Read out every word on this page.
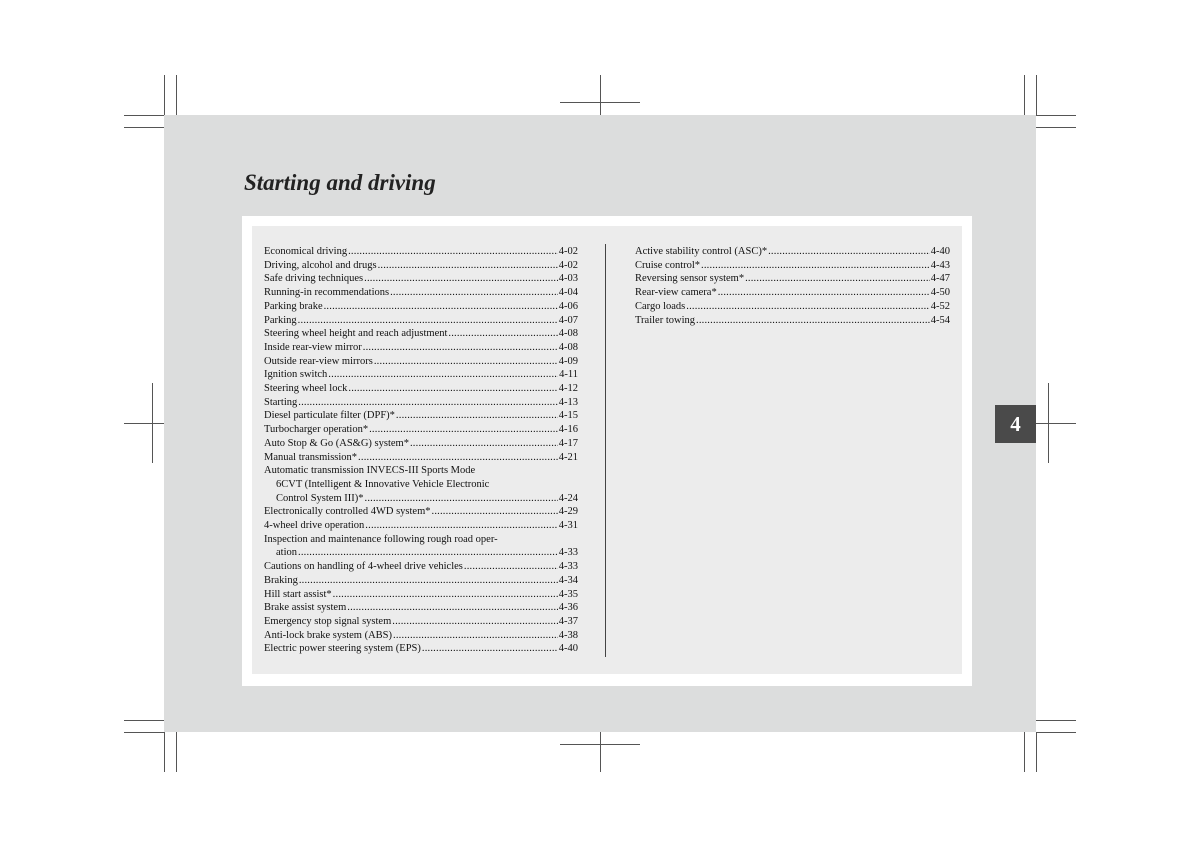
Starting and driving
Economical driving .....	4-02
Driving, alcohol and drugs .....	4-02
Safe driving techniques .....	4-03
Running-in recommendations .....	4-04
Parking brake .....	4-06
Parking .....	4-07
Steering wheel height and reach adjustment .....	4-08
Inside rear-view mirror .....	4-08
Outside rear-view mirrors .....	4-09
Ignition switch .....	4-11
Steering wheel lock .....	4-12
Starting .....	4-13
Diesel particulate filter (DPF)* .....	4-15
Turbocharger operation* .....	4-16
Auto Stop & Go (AS&G) system* .....	4-17
Manual transmission* .....	4-21
Automatic transmission INVECS-III Sports Mode
6CVT (Intelligent & Innovative Vehicle Electronic
Control System III)* .....	4-24
Electronically controlled 4WD system* .....	4-29
4-wheel drive operation .....	4-31
Inspection and maintenance following rough road oper-
ation .....	4-33
Cautions on handling of 4-wheel drive vehicles .....	4-33
Braking .....	4-34
Hill start assist* .....	4-35
Brake assist system .....	4-36
Emergency stop signal system .....	4-37
Anti-lock brake system (ABS) .....	4-38
Electric power steering system (EPS) .....	4-40
Active stability control (ASC)* .....	4-40
Cruise control* .....	4-43
Reversing sensor system* .....	4-47
Rear-view camera* .....	4-50
Cargo loads .....	4-52
Trailer towing .....	4-54
4
